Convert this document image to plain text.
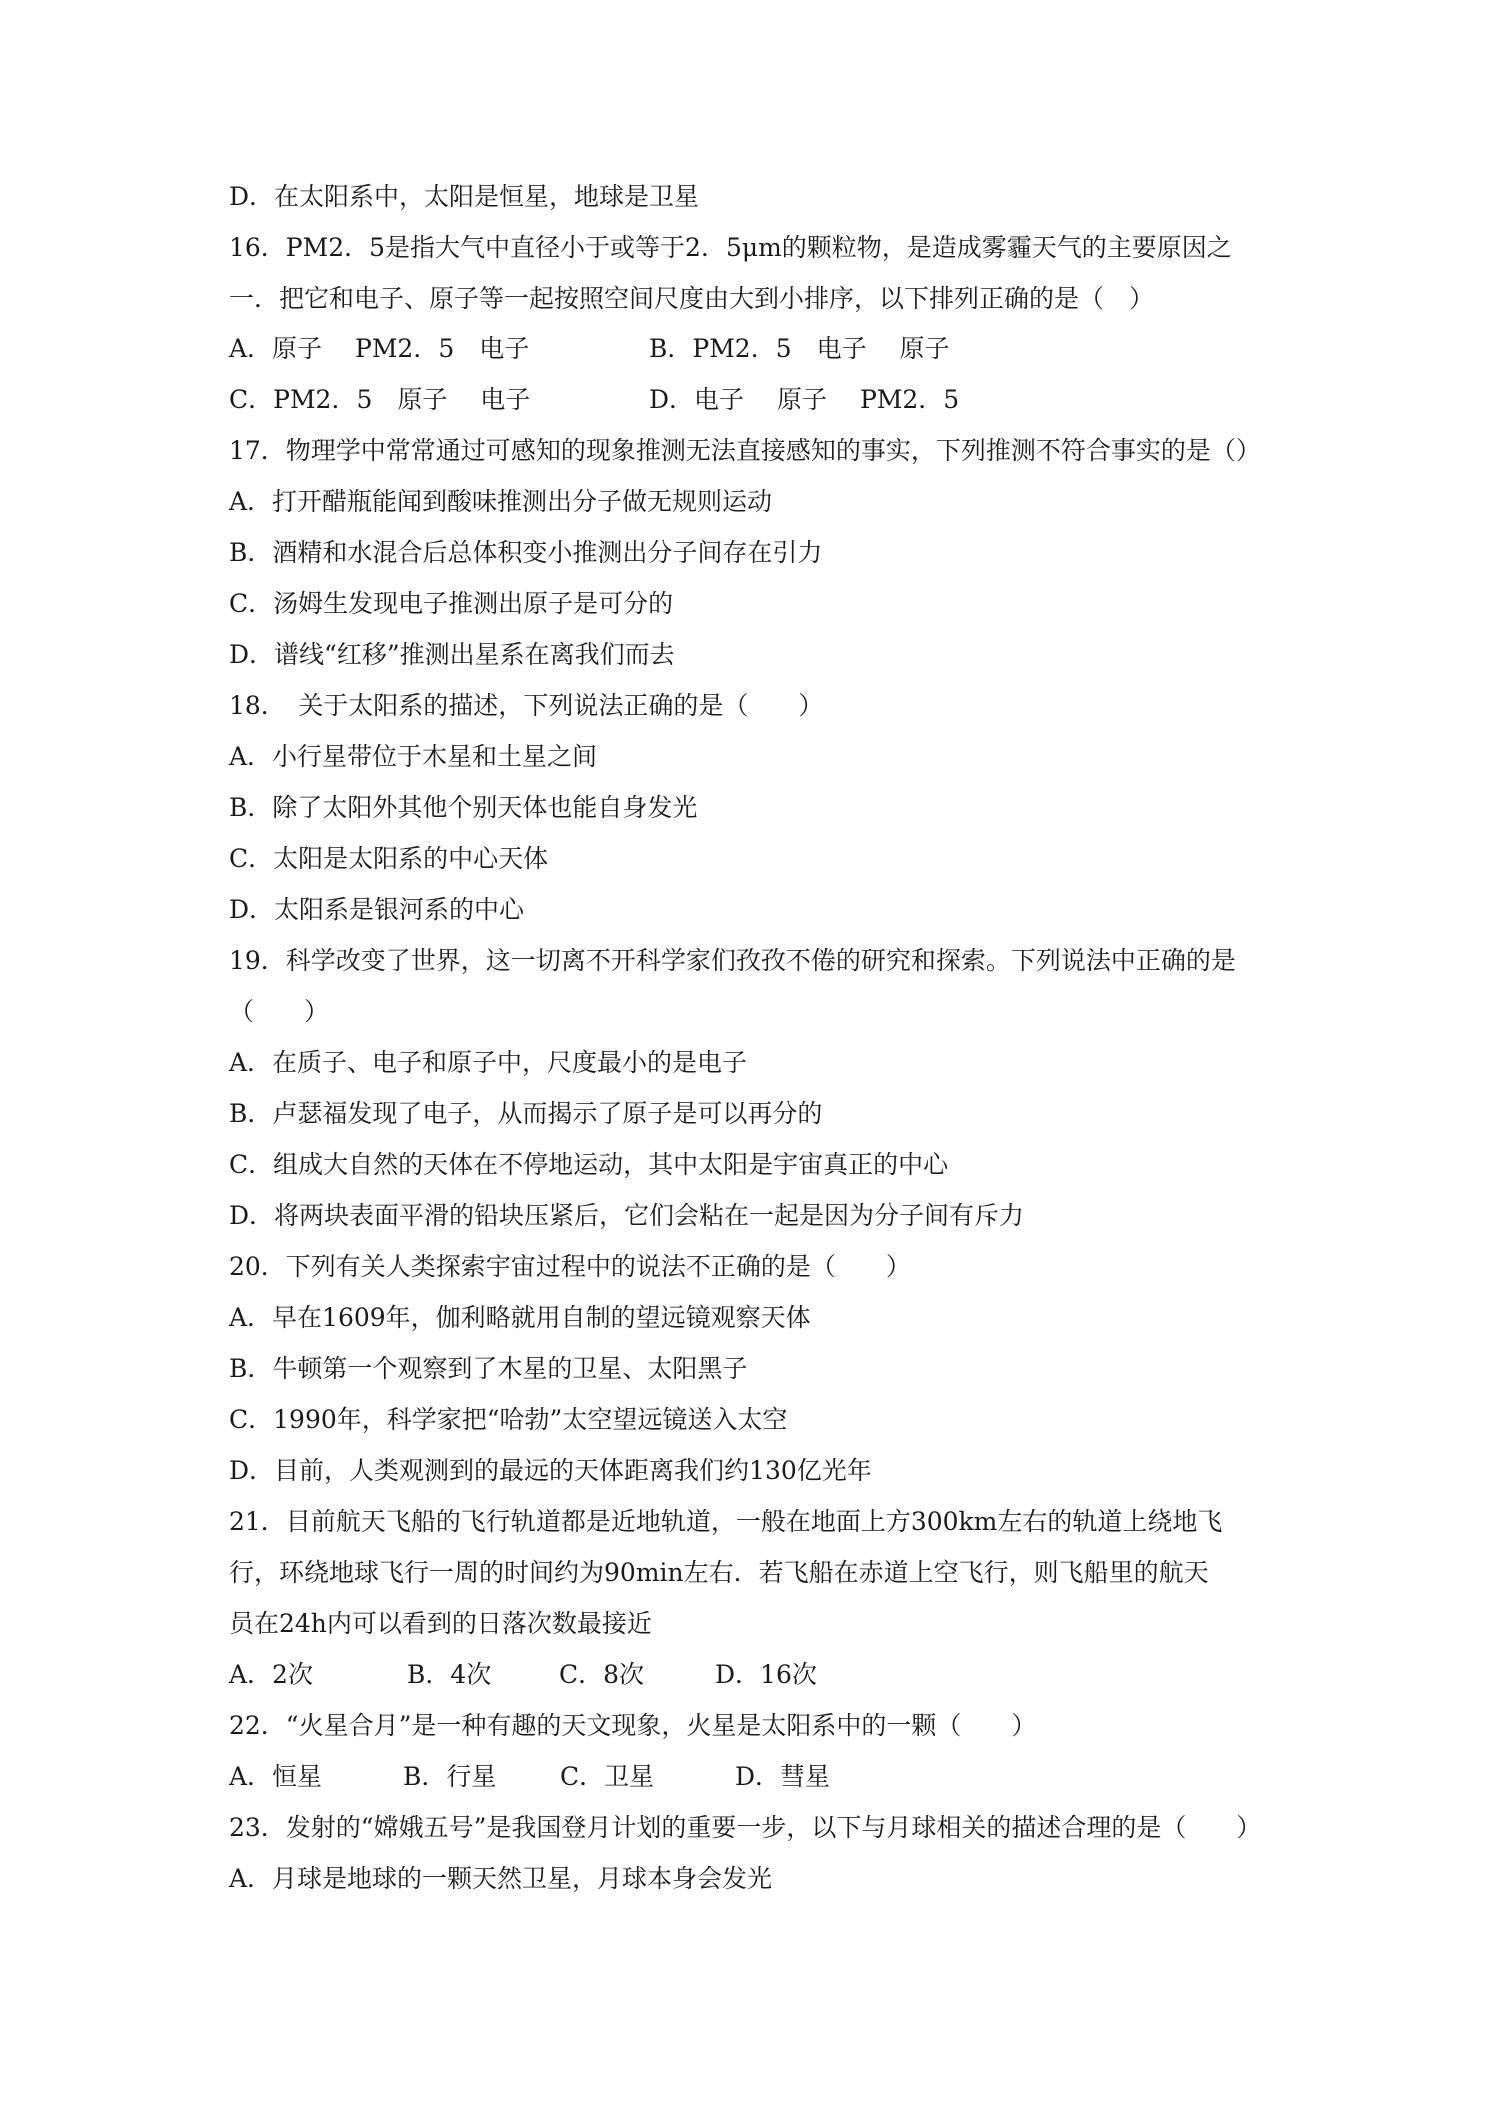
D．在太阳系中，太阳是恒星，地球是卫星
16．PM2．5是指大气中直径小于或等于2．5μm的颗粒物，是造成雾霾天气的主要原因之
一．把它和电子、原子等一起按照空间尺度由大到小排序，以下排列正确的是（　）

A．原子　 PM2．5　电子

	B．PM2．5　电子　 原子

C．PM2．5　原子　 电子

	D．电子　 原子　 PM2．5

17．物理学中常常通过可感知的现象推测无法直接感知的事实，下列推测不符合事实的是（）
A．打开醋瓶能闻到酸味推测出分子做无规则运动
B．酒精和水混合后总体积变小推测出分子间存在引力
C．汤姆生发现电子推测出原子是可分的
D．谱线“红移”推测出星系在离我们而去
18．　关于太阳系的描述，下列说法正确的是（　　）
A．小行星带位于木星和土星之间
B．除了太阳外其他个别天体也能自身发光
C．太阳是太阳系的中心天体
D．太阳系是银河系的中心
19．科学改变了世界，这一切离不开科学家们孜孜不倦的研究和探索。下列说法中正确的是
（　　）
A．在质子、电子和原子中，尺度最小的是电子
B．卢瑟福发现了电子，从而揭示了原子是可以再分的
C．组成大自然的天体在不停地运动，其中太阳是宇宙真正的中心
D．将两块表面平滑的铅块压紧后，它们会粘在一起是因为分子间有斥力
20．下列有关人类探索宇宙过程中的说法不正确的是（　　）
A．早在1609年，伽利略就用自制的望远镜观察天体
B．牛顿第一个观察到了木星的卫星、太阳黑子
C．1990年，科学家把“哈勃”太空望远镜送入太空
D．目前，人类观测到的最远的天体距离我们约130亿光年
21．目前航天飞船的飞行轨道都是近地轨道，一般在地面上方300km左右的轨道上绕地飞
行，环绕地球飞行一周的时间约为90min左右．若飞船在赤道上空飞行，则飞船里的航天
员在24h内可以看到的日落次数最接近

A．2次

	B．4次

	C．8次

	D．16次

22．“火星合月”是一种有趣的天文现象，火星是太阳系中的一颗（　　）

A．恒星

	B．行星

	C．卫星

	D．彗星

23．发射的“嫦娥五号”是我国登月计划的重要一步，以下与月球相关的描述合理的是（　　）
A．月球是地球的一颗天然卫星，月球本身会发光
